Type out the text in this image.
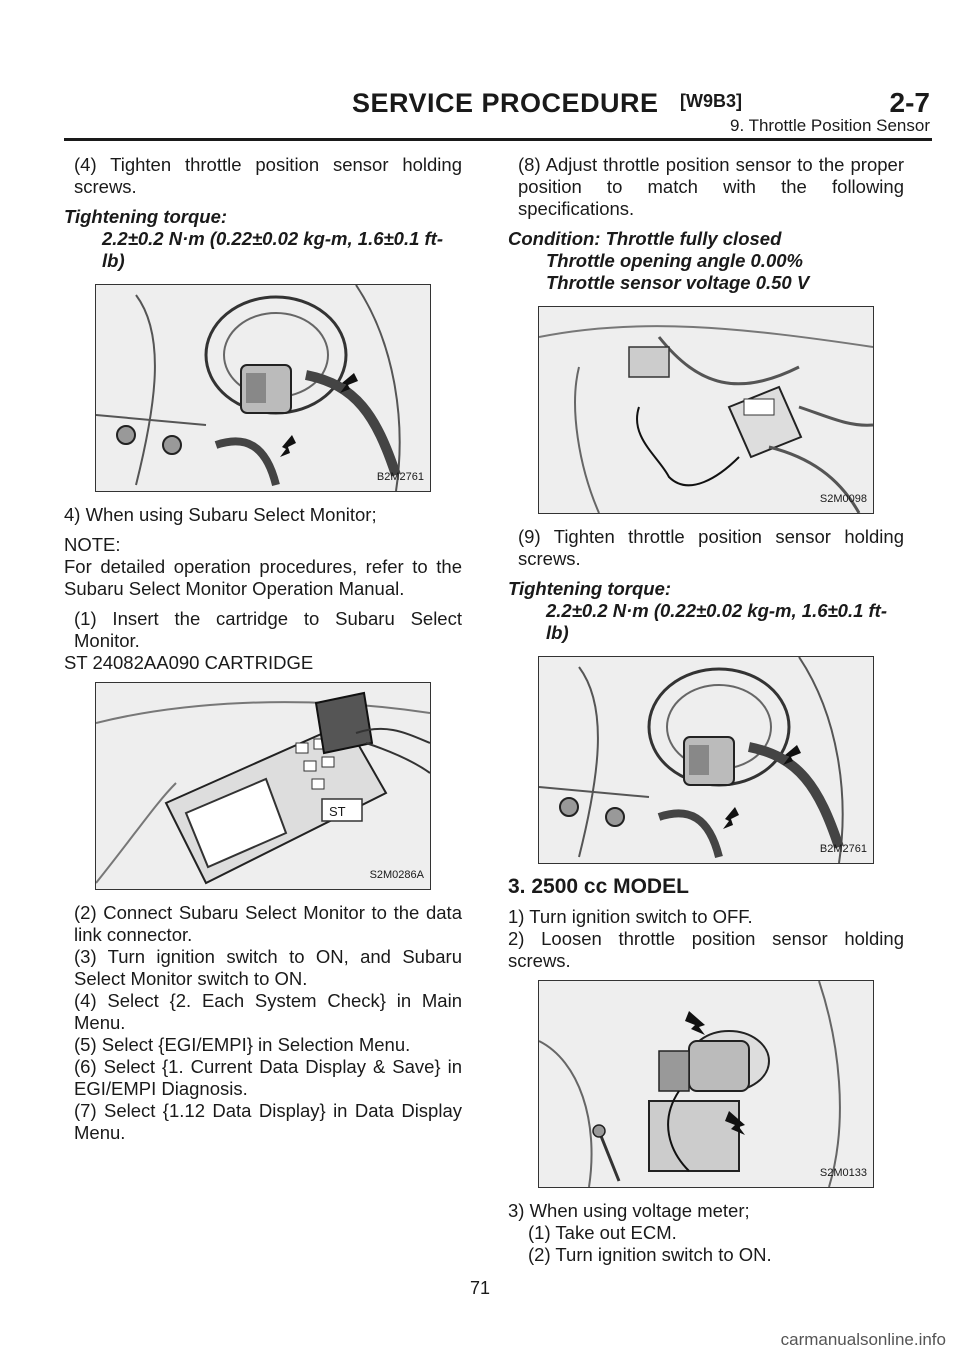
SERVICE PROCEDURE [W9B3]	2-7
9. Throttle Position Sensor

(4) Tighten throttle position sensor holding screws.

Tightening torque:

2.2±0.2 N·m (0.22±0.02 kg-m, 1.6±0.1 ft-lb)

B2M2761

4) When using Subaru Select Monitor;

NOTE:

For detailed operation procedures, refer to the Subaru Select Monitor Operation Manual.

(1) Insert the cartridge to Subaru Select Monitor.

ST 24082AA090 CARTRIDGE

ST
S2M0286A

(2) Connect Subaru Select Monitor to the data link connector.

(3) Turn ignition switch to ON, and Subaru Select Monitor switch to ON.

(4) Select {2. Each System Check} in Main Menu.

(5) Select {EGI/EMPI} in Selection Menu.

(6) Select {1. Current Data Display & Save} in EGI/EMPI Diagnosis.

(7) Select {1.12 Data Display} in Data Display Menu.

(8) Adjust throttle position sensor to the proper position to match with the following specifications.

Condition: Throttle fully closed

Throttle opening angle 0.00%

Throttle sensor voltage 0.50 V

S2M0098

(9) Tighten throttle position sensor holding screws.

Tightening torque:

2.2±0.2 N·m (0.22±0.02 kg-m, 1.6±0.1 ft-lb)

B2M2761
3. 2500 cc MODEL

1) Turn ignition switch to OFF.

2) Loosen throttle position sensor holding screws.

S2M0133

3) When using voltage meter;

(1) Take out ECM.

(2) Turn ignition switch to ON.

71
carmanualsonline.info
